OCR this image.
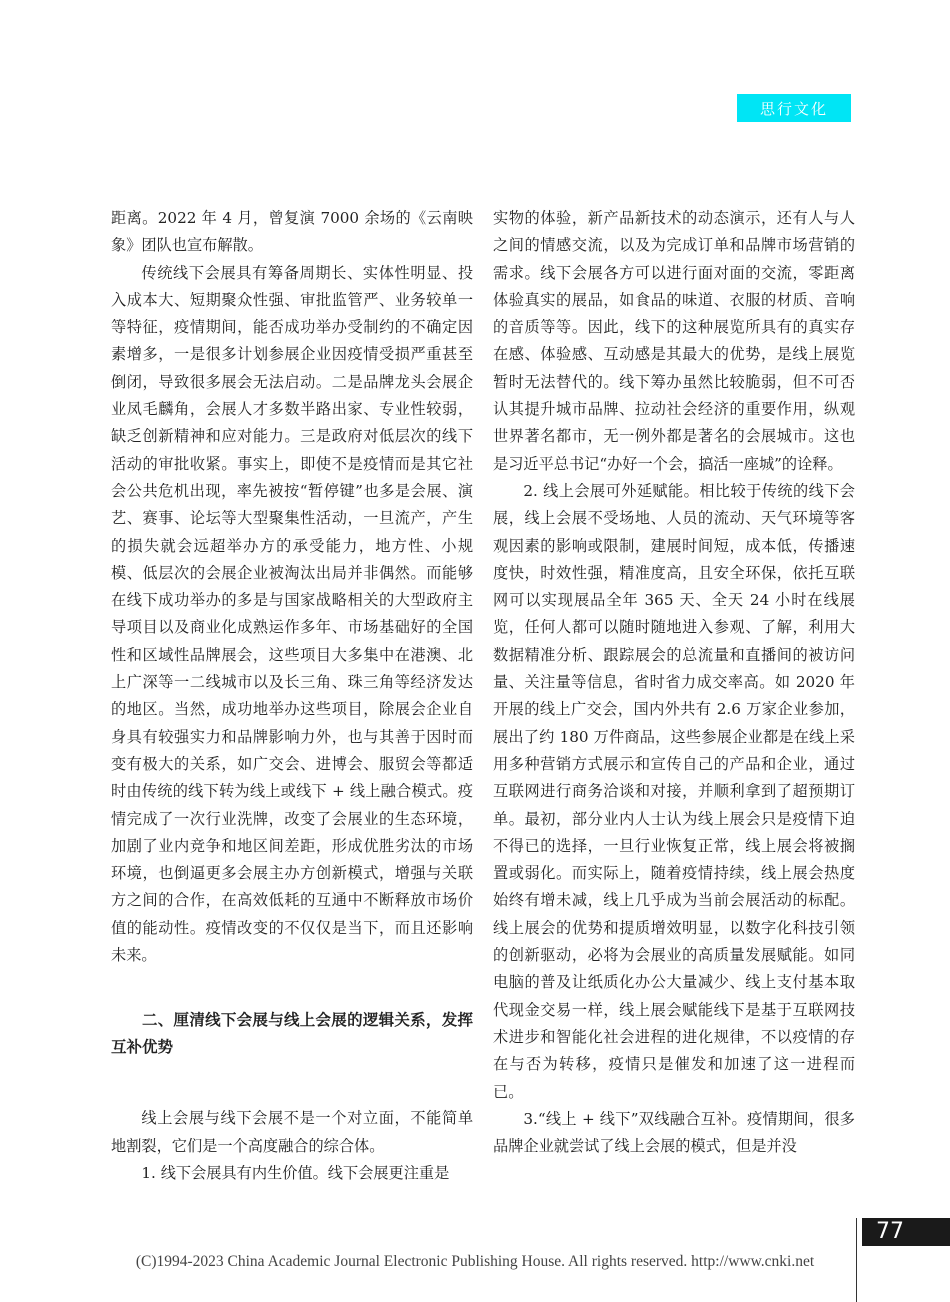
思行文化

距离。2022 年 4 月，曾复演 7000 余场的《云南映象》团队也宣布解散。

传统线下会展具有筹备周期长、实体性明显、投入成本大、短期聚众性强、审批监管严、业务较单一等特征，疫情期间，能否成功举办受制约的不确定因素增多，一是很多计划参展企业因疫情受损严重甚至倒闭，导致很多展会无法启动。二是品牌龙头会展企业凤毛麟角，会展人才多数半路出家、专业性较弱，缺乏创新精神和应对能力。三是政府对低层次的线下活动的审批收紧。事实上，即使不是疫情而是其它社会公共危机出现，率先被按“暂停键”也多是会展、演艺、赛事、论坛等大型聚集性活动，一旦流产，产生的损失就会远超举办方的承受能力，地方性、小规模、低层次的会展企业被淘汰出局并非偶然。而能够在线下成功举办的多是与国家战略相关的大型政府主导项目以及商业化成熟运作多年、市场基础好的全国性和区域性品牌展会，这些项目大多集中在港澳、北上广深等一二线城市以及长三角、珠三角等经济发达的地区。当然，成功地举办这些项目，除展会企业自身具有较强实力和品牌影响力外，也与其善于因时而变有极大的关系，如广交会、进博会、服贸会等都适时由传统的线下转为线上或线下 + 线上融合模式。疫情完成了一次行业洗牌，改变了会展业的生态环境，加剧了业内竞争和地区间差距，形成优胜劣汰的市场环境，也倒逼更多会展主办方创新模式，增强与关联方之间的合作，在高效低耗的互通中不断释放市场价值的能动性。疫情改变的不仅仅是当下，而且还影响未来。

二、厘清线下会展与线上会展的逻辑关系，发挥互补优势

线上会展与线下会展不是一个对立面，不能简单地割裂，它们是一个高度融合的综合体。

1. 线下会展具有内生价值。线下会展更注重是

实物的体验，新产品新技术的动态演示，还有人与人之间的情感交流，以及为完成订单和品牌市场营销的需求。线下会展各方可以进行面对面的交流，零距离体验真实的展品，如食品的味道、衣服的材质、音响的音质等等。因此，线下的这种展览所具有的真实存在感、体验感、互动感是其最大的优势，是线上展览暂时无法替代的。线下筹办虽然比较脆弱，但不可否认其提升城市品牌、拉动社会经济的重要作用，纵观世界著名都市，无一例外都是著名的会展城市。这也是习近平总书记“办好一个会，搞活一座城”的诠释。

2. 线上会展可外延赋能。相比较于传统的线下会展，线上会展不受场地、人员的流动、天气环境等客观因素的影响或限制，建展时间短，成本低，传播速度快，时效性强，精准度高，且安全环保，依托互联网可以实现展品全年 365 天、全天 24 小时在线展览，任何人都可以随时随地进入参观、了解，利用大数据精准分析、跟踪展会的总流量和直播间的被访问量、关注量等信息，省时省力成交率高。如 2020 年开展的线上广交会，国内外共有 2.6 万家企业参加，展出了约 180 万件商品，这些参展企业都是在线上采用多种营销方式展示和宣传自己的产品和企业，通过互联网进行商务洽谈和对接，并顺利拿到了超预期订单。最初，部分业内人士认为线上展会只是疫情下迫不得已的选择，一旦行业恢复正常，线上展会将被搁置或弱化。而实际上，随着疫情持续，线上展会热度始终有增未减，线上几乎成为当前会展活动的标配。线上展会的优势和提质增效明显，以数字化科技引领的创新驱动，必将为会展业的高质量发展赋能。如同电脑的普及让纸质化办公大量减少、线上支付基本取代现金交易一样，线上展会赋能线下是基于互联网技术进步和智能化社会进程的进化规律，不以疫情的存在与否为转移，疫情只是催发和加速了这一进程而已。

3.“线上 + 线下”双线融合互补。疫情期间，很多品牌企业就尝试了线上会展的模式，但是并没

77
(C)1994-2023 China Academic Journal Electronic Publishing House. All rights reserved. http://www.cnki.net
